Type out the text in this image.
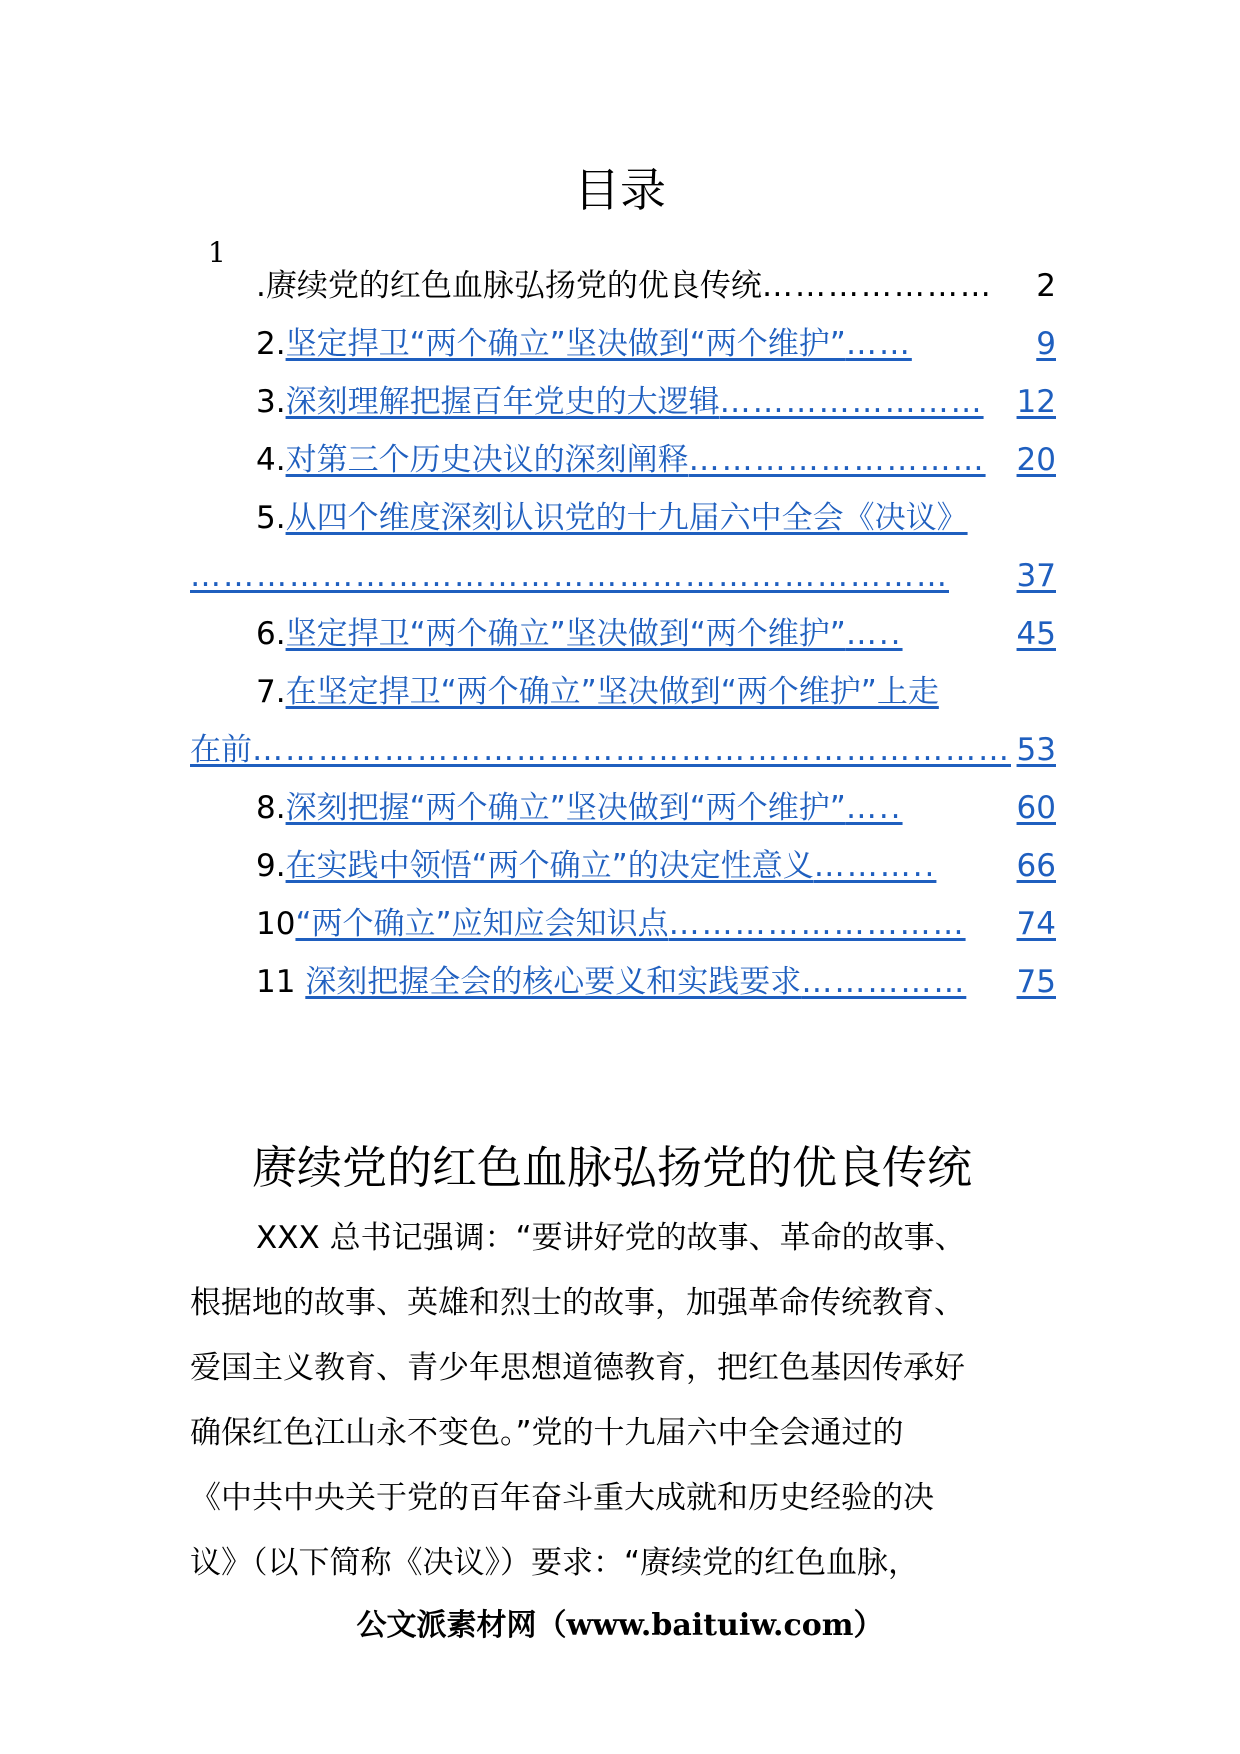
目录
1
. 赓续党的红色血脉弘扬党的优良传统 …………………	2
2. 坚定捍卫“两个确立”坚决做到“两个维护” ……	9
3. 深刻理解把握百年党史的大逻辑 ……………………	12
4. 对第三个历史决议的深刻阐释 ……………………… 20
5. 从四个维度深刻认识党的十九届六中全会《决议》
……………………………………………………………	37
6. 坚定捍卫“两个确立”坚决做到“两个维护” …..	45
7. 在坚定捍卫“两个确立”坚决做到“两个维护”上走
在前 …………………………………………………………… 53
8. 深刻把握“两个确立”坚决做到“两个维护” …..	60
9. 在实践中领悟“两个确立”的决定性意义 ………..	66
10 “两个确立”应知应会知识点 ………………………	74
11 深刻把握全会的核心要义和实践要求 ……………	75
赓续党的红色血脉弘扬党的优良传统
XXX 总书记强调：“要讲好党的故事、革命的故事、
根据地的故事、英雄和烈士的故事，加强革命传统教育、
爱国主义教育、青少年思想道德教育，把红色基因传承好
确保红色江山永不变色。”党的十九届六中全会通过的
《中共中央关于党的百年奋斗重大成就和历史经验的决
议》（以下简称《决议》）要求：“赓续党的红色血脉，
公文派素材网（www.baituiw.com）
